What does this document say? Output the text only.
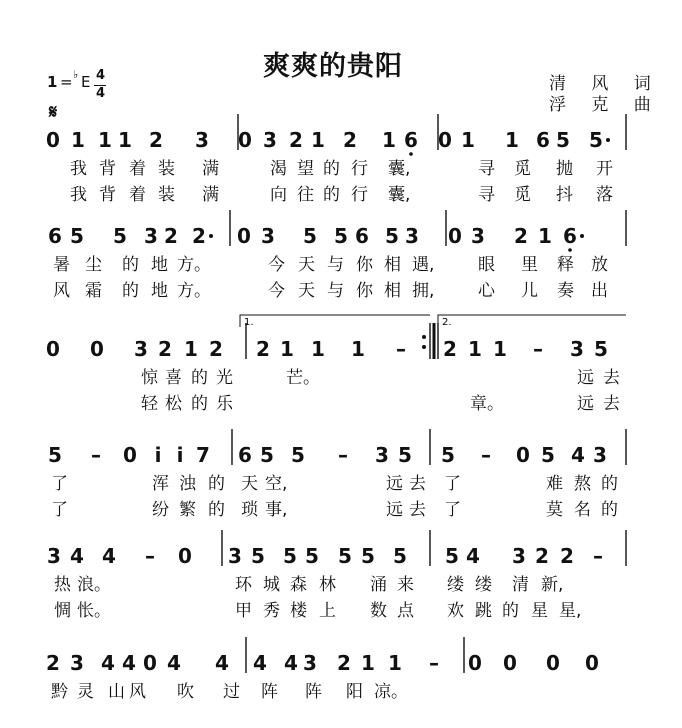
爽爽的贵阳
清 风 词
浮 克 曲
1 = ♭ E 4
4
𝄋
0 1 1 1 2 3 0 3 2 1 2 1 6 0 1 1 6 5 5
我 背 着 装 满	渴 望 的 行 囊,	寻 觅 抛 开
我 背 着 装 满	向 往 的 行 囊,	寻 觅 抖 落
6 5 5 3 2 2 0 3 5 5 6 5 3 0 3 2 1 6
暑 尘 的 地 方。	今 天 与 你 相 遇,	眼 里 释 放
风 霜 的 地 方。	今 天 与 你 相 拥,	心 儿 奏 出
1.	2.
0 0 3 2 1 2 2 1 1 1 – 2 1 1 – 3 5
惊 喜 的 光	芒。	远 去
轻 松 的 乐	章。	远 去
5 – 0 i i 7 6 5 5 – 3 5 5 – 0 5 4 3
了	浑 浊 的 天 空,	远 去 了	难 熬 的
了	纷 繁 的 琐 事,	远 去 了	莫 名 的
3 4 4 – 0 3 5 5 5 5 5 5 5 4 3 2 2 –
热 浪。	环 城 森 林 涌 来 缕 缕 清 新,
惆 怅。	甲 秀 楼 上 数 点 欢 跳 的 星 星,
2 3 4 4 0 4 4 4 4 3 2 1 1 – 0 0 0 0
黔 灵 山 风 吹 过 阵 阵 阳 凉。
